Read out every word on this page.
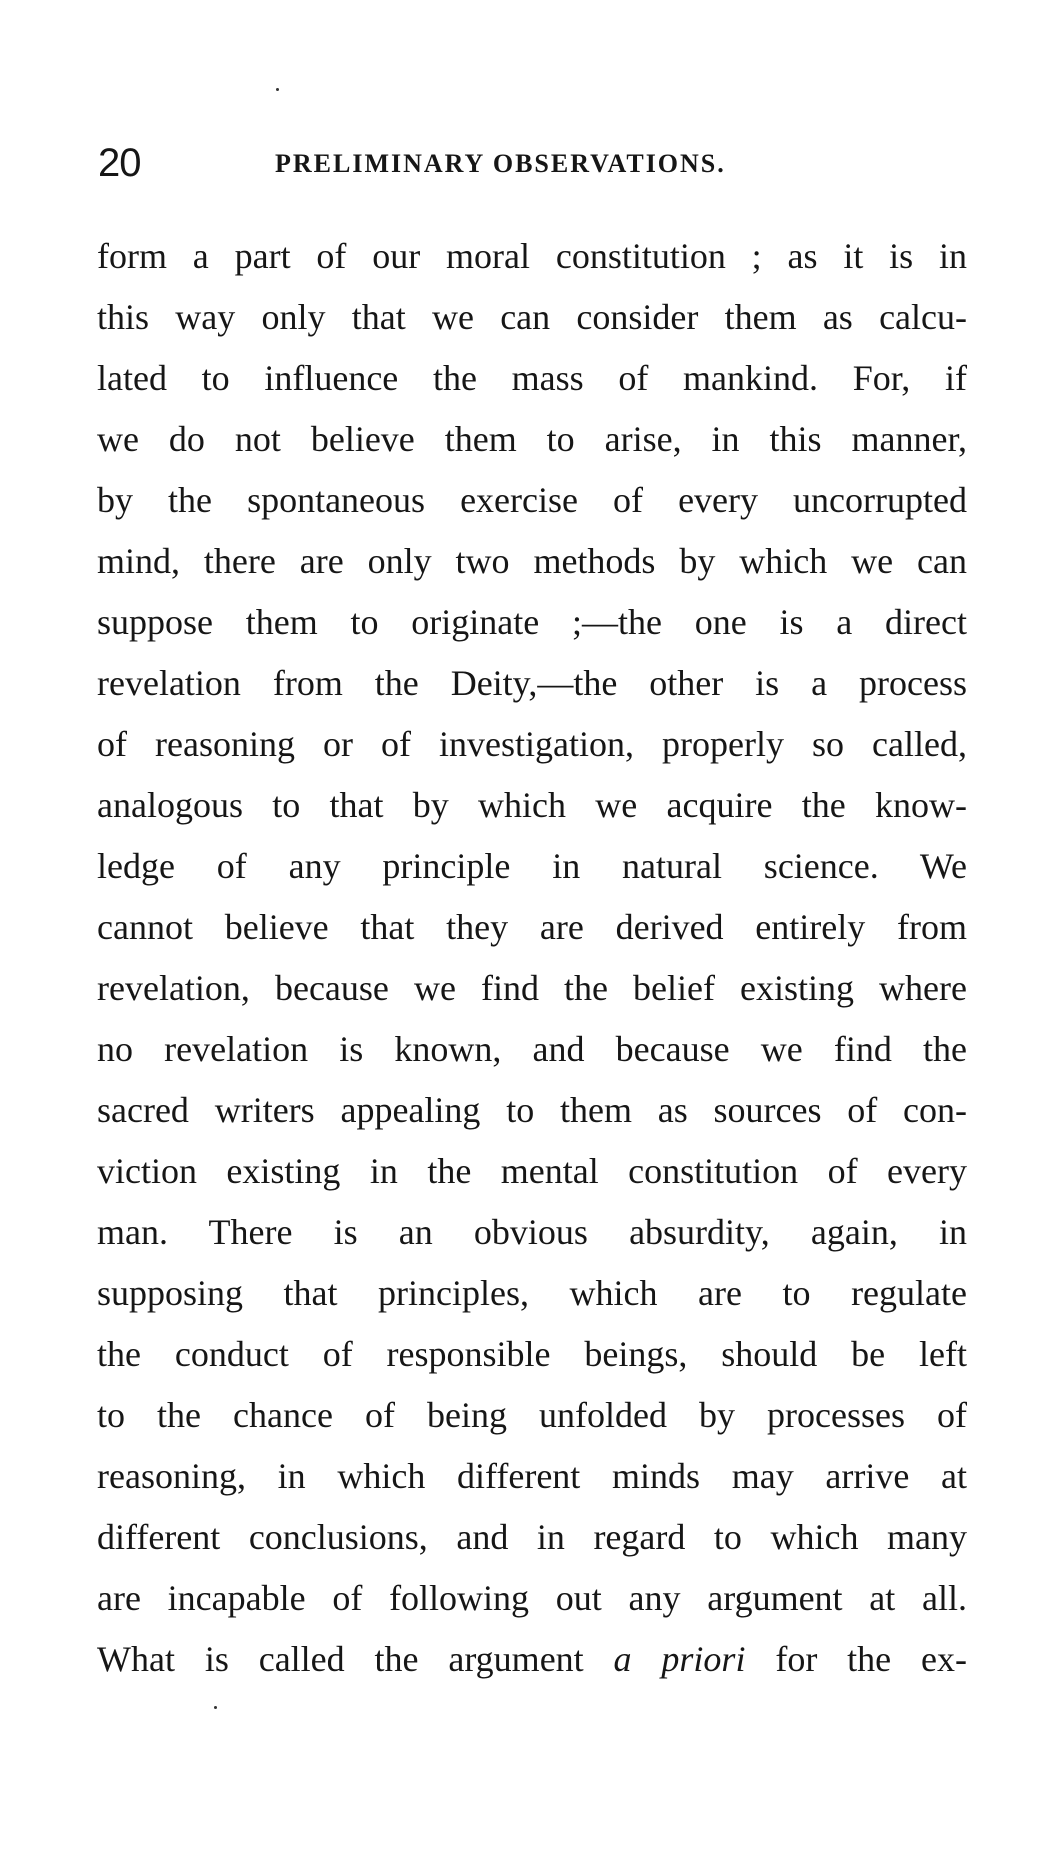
20	PRELIMINARY OBSERVATIONS.
form a part of our moral constitution ; as it is in
this way only that we can consider them as calcu-
lated to influence the mass of mankind. For, if
we do not believe them to arise, in this manner,
by the spontaneous exercise of every uncorrupted
mind, there are only two methods by which we can
suppose them to originate ;—the one is a direct
revelation from the Deity,—the other is a process
of reasoning or of investigation, properly so called,
analogous to that by which we acquire the know-
ledge of any principle in natural science. We
cannot believe that they are derived entirely from
revelation, because we find the belief existing where
no revelation is known, and because we find the
sacred writers appealing to them as sources of con-
viction existing in the mental constitution of every
man. There is an obvious absurdity, again, in
supposing that principles, which are to regulate
the conduct of responsible beings, should be left
to the chance of being unfolded by processes of
reasoning, in which different minds may arrive at
different conclusions, and in regard to which many
are incapable of following out any argument at all.
What is called the argument a priori for the ex-
